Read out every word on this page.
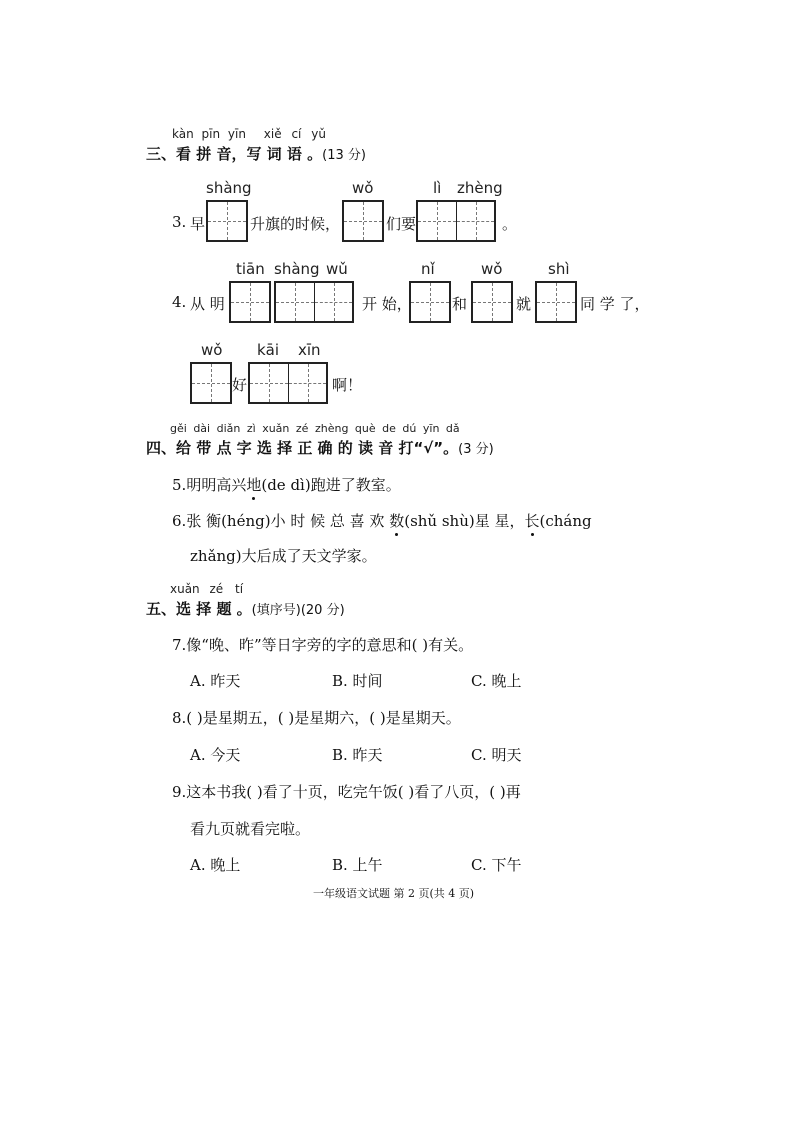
kàn pīn yīn xiě cí yǔ
三、看 拼 音，写 词 语 。(13 分)
shàng	wǒ	lì zhèng
3. 早	升旗的时候，	们要	。
tiān shàng wǔ	nǐ	wǒ	shì
4. 从 明	开 始，	和	就	同 学 了，
wǒ kāi xīn
好	啊！
gěi dài diǎn zì xuǎn zé zhèng què de dú yīn dǎ
四、给 带 点 字 选 择 正 确 的 读 音 打“√”。(3 分)
5.明明高兴地(de dì)跑进了教室。
6.张 衡(héng)小 时 候 总 喜 欢 数(shǔ shù)星 星，长(cháng
zhǎng)大后成了天文学家。
xuǎn zé tí
五、选 择 题 。(填序号)(20 分)
7.像“晚、昨”等日字旁的字的意思和( )有关。
A. 昨天	B. 时间	C. 晚上
8.( )是星期五，( )是星期六，( )是星期天。
A. 今天	B. 昨天	C. 明天
9.这本书我( )看了十页，吃完午饭( )看了八页，( )再
看九页就看完啦。
A. 晚上	B. 上午	C. 下午
一年级语文试题 第 2 页(共 4 页)
